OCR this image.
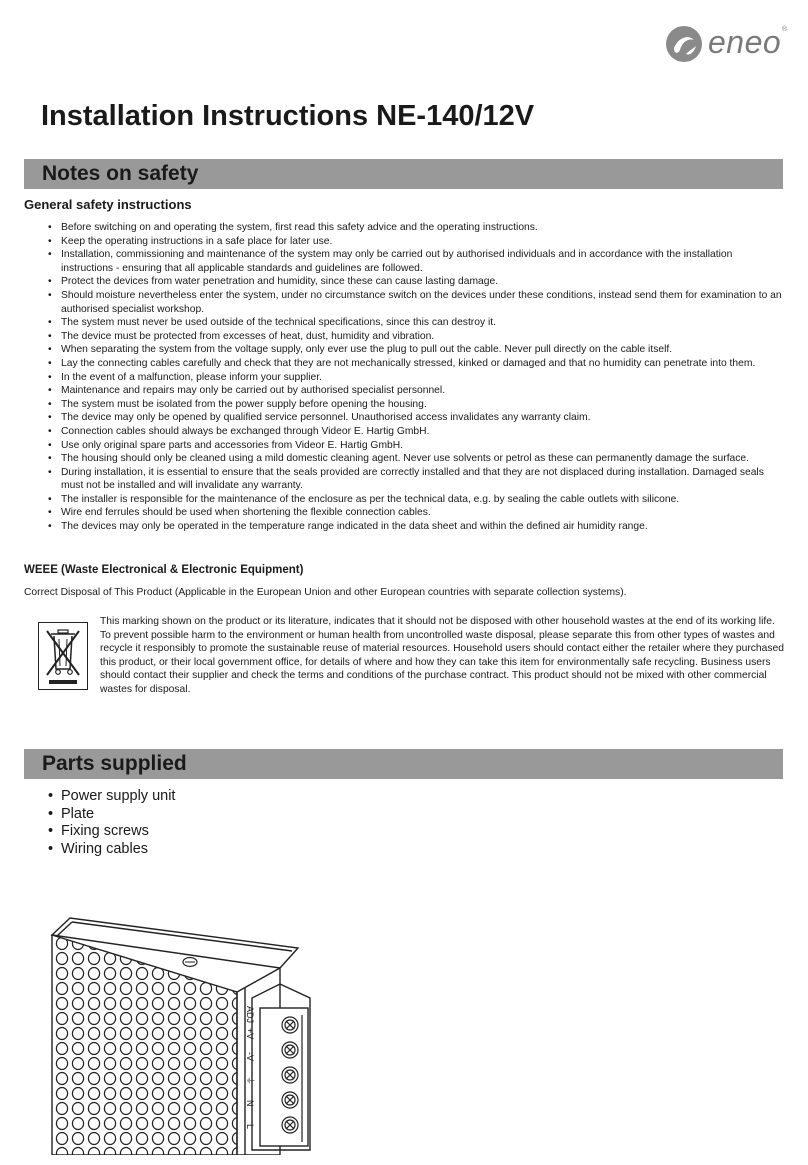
eneo ®
Installation Instructions NE-140/12V
Notes on safety
General safety instructions
• Before switching on and operating the system, first read this safety advice and the operating instructions.
• Keep the operating instructions in a safe place for later use.
• Installation, commissioning and maintenance of the system may only be carried out by authorised individuals and in accordance with the installation instructions - ensuring that all applicable standards and guidelines are followed.
• Protect the devices from water penetration and humidity, since these can cause lasting damage.
• Should moisture nevertheless enter the system, under no circumstance switch on the devices under these conditions, instead send them for examination to an authorised specialist workshop.
• The system must never be used outside of the technical specifications, since this can destroy it.
• The device must be protected from excesses of heat, dust, humidity and vibration.
• When separating the system from the voltage supply, only ever use the plug to pull out the cable. Never pull directly on the cable itself.
• Lay the connecting cables carefully and check that they are not mechanically stressed, kinked or damaged and that no humidity can penetrate into them.
• In the event of a malfunction, please inform your supplier.
• Maintenance and repairs may only be carried out by authorised specialist personnel.
• The system must be isolated from the power supply before opening the housing.
• The device may only be opened by qualified service personnel. Unauthorised access invalidates any warranty claim.
• Connection cables should always be exchanged through Videor E. Hartig GmbH.
• Use only original spare parts and accessories from Videor E. Hartig GmbH.
• The housing should only be cleaned using a mild domestic cleaning agent. Never use solvents or petrol as these can permanently damage the surface.
• During installation, it is essential to ensure that the seals provided are correctly installed and that they are not displaced during installation. Damaged seals must not be installed and will invalidate any warranty.
• The installer is responsible for the maintenance of the enclosure as per the technical data, e.g. by sealing the cable outlets with silicone.
• Wire end ferrules should be used when shortening the flexible connection cables.
• The devices may only be operated in the temperature range indicated in the data sheet and within the defined air humidity range.
WEEE (Waste Electronical & Electronic Equipment)

Correct Disposal of This Product (Applicable in the European Union and other European countries with separate collection systems).

This marking shown on the product or its literature, indicates that it should not be disposed with other household wastes at the end of its working life. To prevent possible harm to the environment or human health from uncontrolled waste disposal, please separate this from other types of wastes and recycle it responsibly to promote the sustainable reuse of material resources. Household users should contact either the retailer where they purchased this product, or their local government office, for details of where and how they can take this item for environmentally safe recycling. Business users should contact their supplier and check the terms and conditions of the purchase contract. This product should not be mixed with other commercial wastes for disposal.

Parts supplied
• Power supply unit
• Plate
• Fixing screws
• Wiring cables
ADJ
+V
-V
⏚
N
L
